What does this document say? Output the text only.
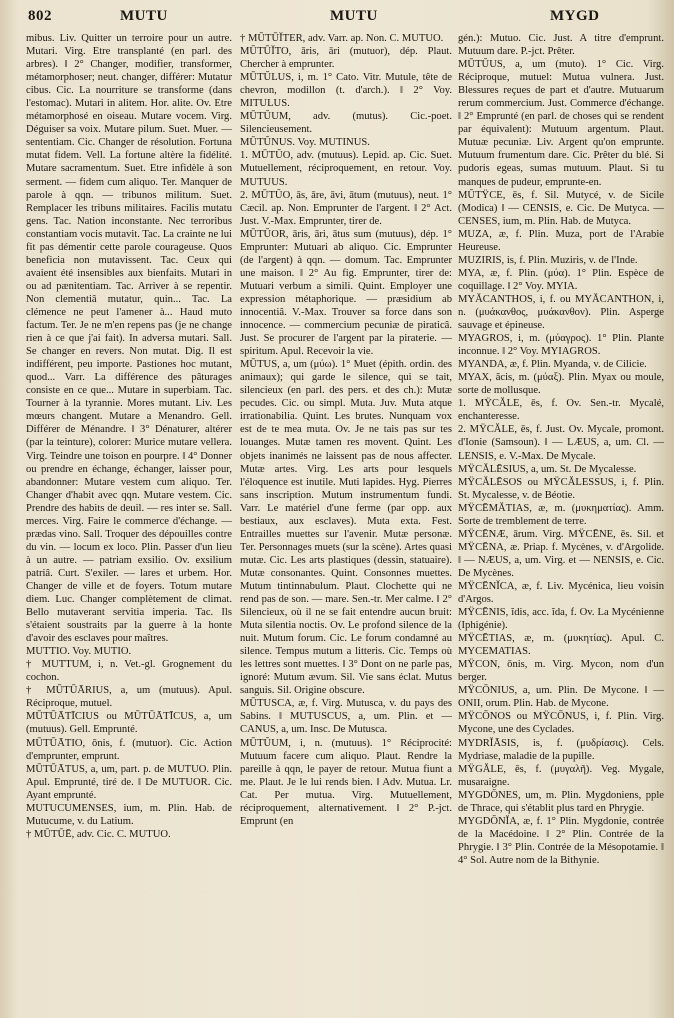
802	MUTU	MUTU	MYGD

mibus. Liv. Quitter un terroire pour un autre. Mutari. Virg. Etre transplanté (en parl. des arbres). ‖ 2° Changer, modifier, transformer, métamorphoser; neut. changer, différer: Mutatur cibus. Cic. La nourriture se transforme (dans l'estomac). Mutari in alitem. Hor. alite. Ov. Etre métamorphosé en oiseau. Mutare vocem. Virg. Déguiser sa voix. Mutare pilum. Suet. Muer. — sententiam. Cic. Changer de résolution. Fortuna mutat fidem. Vell. La fortune altère la fidélité. Mutare sacramentum. Suet. Etre infidèle à son serment. — fidem cum aliquo. Ter. Manquer de parole à qqn. — tribunos militum. Suet. Remplacer les tribuns militaires. Facilis mutatu gens. Tac. Nation inconstante. Nec terroribus constantiam vocis mutavit. Tac. La crainte ne lui fit pas démentir cette parole courageuse. Quos beneficia non mutavissent. Tac. Ceux qui avaient été insensibles aux bienfaits. Mutari in ou ad pænitentiam. Tac. Arriver à se repentir. Non clementiâ mutatur, quin... Tac. La clémence ne peut l'amener à... Haud muto factum. Ter. Je ne m'en repens pas (je ne change rien à ce que j'ai fait). In adversa mutari. Sall. Se changer en revers. Non mutat. Dig. Il est indifférent, peu importe. Pastiones hoc mutant, quod... Varr. La différence des pâturages consiste en ce que... Mutare in superbiam. Tac. Tourner à la tyrannie. Mores mutant. Liv. Les mœurs changent. Mutare a Menandro. Gell. Différer de Ménandre. ‖ 3° Dénaturer, altérer (par la teinture), colorer: Murice mutare vellera. Virg. Teindre une toison en pourpre. ‖ 4° Donner ou prendre en échange, échanger, laisser pour, abandonner: Mutare vestem cum aliquo. Ter. Changer d'habit avec qqn. Mutare vestem. Cic. Prendre des habits de deuil. — res inter se. Sall. merces. Virg. Faire le commerce d'échange. — prædas vino. Sall. Troquer des dépouilles contre du vin. — locum ex loco. Plin. Passer d'un lieu à un autre. — patriam exsilio. Ov. exsilium patriâ. Curt. S'exiler. — lares et urbem. Hor. Changer de ville et de foyers. Totum mutare diem. Luc. Changer complètement de climat. Bello mutaverant servitia imperia. Tac. Ils s'étaient soustraits par la guerre à la honte d'avoir des esclaves pour maîtres.

MUTTIO. Voy. MUTIO.

† MUTTUM, i, n. Vet.-gl. Grognement du cochon.

† MŪTŪĀRIUS, a, um (mutuus). Apul. Réciproque, mutuel.

MŪTŪĀTĪCIUS ou MŪTŪĀTĪCUS, a, um (mutuus). Gell. Emprunté.

MŪTŪĀTIO, ōnis, f. (mutuor). Cic. Action d'emprunter, emprunt.

MŪTŪĀTUS, a, um, part. p. de MUTUO. Plin. Apul. Emprunté, tiré de. ‖ De MUTUOR. Cic. Ayant emprunté.

MUTUCUMENSES, ium, m. Plin. Hab. de Mutucume, v. du Latium.

† MŪTŪĒ, adv. Cic. C. MUTUO.

† MŪTŪĬTER, adv. Varr. ap. Non. C. MUTUO.

MŪTŪĬTO, āris, āri (mutuor), dép. Plaut. Chercher à emprunter.

MŪTŬLUS, i, m. 1° Cato. Vitr. Mutule, tête de chevron, modillon (t. d'arch.). ‖ 2° Voy. MITULUS.

MŪTŬUM, adv. (mutus). Cic.-poet. Silencieusement.

MŪTŬNUS. Voy. MUTINUS.

1. MŪTŬO, adv. (mutuus). Lepid. ap. Cic. Suet. Mutuellement, réciproquement, en retour. Voy. MUTUUS.

2. MŪTŬO, ās, āre, āvi, ātum (mutuus), neut. 1° Cæcil. ap. Non. Emprunter de l'argent. ‖ 2° Act. Just. V.-Max. Emprunter, tirer de.

MŪTŬOR, āris, āri, ātus sum (mutuus), dép. 1° Emprunter: Mutuari ab aliquo. Cic. Emprunter (de l'argent) à qqn. — domum. Tac. Emprunter une maison. ‖ 2° Au fig. Emprunter, tirer de: Mutuari verbum a simili. Quint. Employer une expression métaphorique. — præsidium ab innocentiâ. V.-Max. Trouver sa force dans son innocence. — commercium pecuniæ de piraticâ. Just. Se procurer de l'argent par la piraterie. — spiritum. Apul. Recevoir la vie.

MŪTUS, a, um (μύω). 1° Muet (épith. ordin. des animaux); qui garde le silence, qui se tait, silencieux (en parl. des pers. et des ch.): Mutæ pecudes. Cic. ou simpl. Muta. Juv. Muta atque irrationabilia. Quint. Les brutes. Nunquam vox est de te mea muta. Ov. Je ne tais pas sur tes louanges. Mutæ tamen res movent. Quint. Les objets inanimés ne laissent pas de nous affecter. Mutæ artes. Virg. Les arts pour lesquels l'éloquence est inutile. Muti lapides. Hyg. Pierres sans inscription. Mutum instrumentum fundi. Varr. Le matériel d'une ferme (par opp. aux bestiaux, aux esclaves). Muta exta. Fest. Entrailles muettes sur l'avenir. Mutæ personæ. Ter. Personnages muets (sur la scène). Artes quasi mutæ. Cic. Les arts plastiques (dessin, statuaire). Mutæ consonantes. Quint. Consonnes muettes. Mutum tintinnabulum. Plaut. Clochette qui ne rend pas de son. — mare. Sen.-tr. Mer calme. ‖ 2° Silencieux, où il ne se fait entendre aucun bruit: Muta silentia noctis. Ov. Le profond silence de la nuit. Mutum forum. Cic. Le forum condamné au silence. Tempus mutum a litteris. Cic. Temps où les lettres sont muettes. ‖ 3° Dont on ne parle pas, ignoré: Mutum ævum. Sil. Vie sans éclat. Mutus sanguis. Sil. Origine obscure.

MŪTUSCA, æ, f. Virg. Mutusca, v. du pays des Sabins. ‖ MUTUSCUS, a, um. Plin. et — CANUS, a, um. Insc. De Mutusca.

MŪTŬUM, i, n. (mutuus). 1° Réciprocité: Mutuum facere cum aliquo. Plaut. Rendre la pareille à qqn, le payer de retour. Mutua fiunt a me. Plaut. Je le lui rends bien. ‖ Adv. Mutua. Lr. Cat. Per mutua. Virg. Mutuellement, réciproquement, alternativement. ‖ 2° P.-jct. Emprunt (en

gén.): Mutuo. Cic. Just. A titre d'emprunt. Mutuum dare. P.-jct. Prêter.

MŪTŬUS, a, um (muto). 1° Cic. Virg. Réciproque, mutuel: Mutua vulnera. Just. Blessures reçues de part et d'autre. Mutuarum rerum commercium. Just. Commerce d'échange. ‖ 2° Emprunté (en parl. de choses qui se rendent par équivalent): Mutuum argentum. Plaut. Mutuæ pecuniæ. Liv. Argent qu'on emprunte. Mutuum frumentum dare. Cic. Prêter du blé. Si pudoris egeas, sumas mutuum. Plaut. Si tu manques de pudeur, emprunte-en.

MŬTŸCE, ēs, f. Sil. Mutycé, v. de Sicile (Modica) ‖ — CENSIS, e. Cic. De Mutyca. — CENSES, ium, m. Plin. Hab. de Mutyca.

MUZA, æ, f. Plin. Muza, port de l'Arabie Heureuse.

MUZIRIS, is, f. Plin. Muziris, v. de l'Inde.

MYA, æ, f. Plin. (μύα). 1° Plin. Espèce de coquillage. ‖ 2° Voy. MYIA.

MYĂCANTHOS, i, f. ou MYĂCANTHON, i, n. (μυάκανθος, μυάκανθον). Plin. Asperge sauvage et épineuse.

MYAGROS, i, m. (μύαγρος). 1° Plin. Plante inconnue. ‖ 2° Voy. MYIAGROS.

MYANDA, æ, f. Plin. Myanda, v. de Cilicie.

MYAX, ăcis, m. (μύαξ). Plin. Myax ou moule, sorte de mollusque.

1. MŸCĂLE, ēs, f. Ov. Sen.-tr. Mycalé, enchanteresse.

2. MŸCĂLE, ēs, f. Just. Ov. Mycale, promont. d'Ionie (Samsoun). ‖ — LÆUS, a, um. Cl. — LENSIS, e. V.-Max. De Mycale.

MŸCĂLĒSIUS, a, um. St. De Mycalesse.

MŸCĂLĒSOS ou MŸCĂLESSUS, i, f. Plin. St. Mycalesse, v. de Béotie.

MŸCĒMĂTIAS, æ, m. (μυκηματίας). Amm. Sorte de tremblement de terre.

MŸCĒNÆ, ārum. Virg. MŸCĒNE, ēs. Sil. et MŸCĒNA, æ. Priap. f. Mycènes, v. d'Argolide. ‖ — NÆUS, a, um. Virg. et — NENSIS, e. Cic. De Mycènes.

MŸCĒNĬCA, æ, f. Liv. Mycénica, lieu voisin d'Argos.

MŸCĒNIS, ĭdis, acc. ĭda, f. Ov. La Mycénienne (Iphigénie).

MŸCĒTIAS, æ, m. (μυκητίας). Apul. C. MYCEMATIAS.

MŸCON, ōnis, m. Virg. Mycon, nom d'un berger.

MŸCŌNIUS, a, um. Plin. De Mycone. ‖ — ONII, orum. Plin. Hab. de Mycone.

MŸCŌNOS ou MŸCŌNUS, i, f. Plin. Virg. Mycone, une des Cyclades.

MYDRĬĀSIS, is, f. (μυδρίασις). Cels. Mydriase, maladie de la pupille.

MŸGĂLE, ēs, f. (μυγαλῆ). Veg. Mygale, musaraigne.

MYGDŎNES, um, m. Plin. Mygdoniens, pple de Thrace, qui s'établit plus tard en Phrygie.

MYGDŎNĬA, æ, f. 1° Plin. Mygdonie, contrée de la Macédoine. ‖ 2° Plin. Contrée de la Phrygie. ‖ 3° Plin. Contrée de la Mésopotamie. ‖ 4° Sol. Autre nom de la Bithynie.
